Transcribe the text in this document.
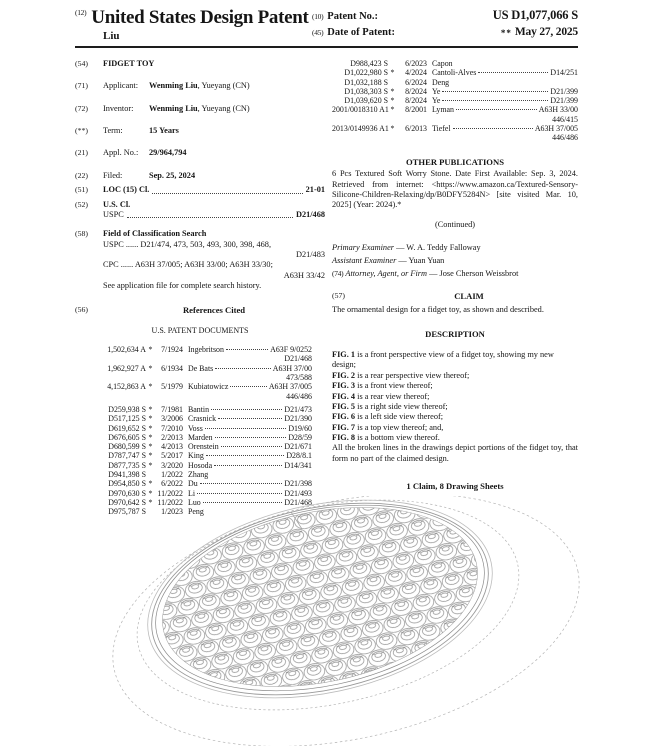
(12) United States Design Patent
Liu
(10) Patent No.:	US D1,077,066 S
(45) Date of Patent:	** May 27, 2025
(54)	FIDGET TOY
(71)	Applicant:	Wenming Liu, Yueyang (CN)
(72)	Inventor:	Wenming Liu, Yueyang (CN)
(**)	Term:	15 Years
(21)	Appl. No.:	29/964,794
(22)	Filed:	Sep. 25, 2024
(51)	LOC (15) Cl.	21-01
(52)	U.S. Cl.
USPC	D21/468
(58)	Field of Classification Search
USPC ...... D21/474, 473, 503, 493, 300, 398, 468,
D21/483
CPC ...... A63H 37/005; A63H 33/00; A63H 33/30;
A63H 33/42
See application file for complete search history.
(56)	References Cited
U.S. PATENT DOCUMENTS
1,502,634 A *	7/1924 Ingebritson	A63F 9/0252
D21/468
1,962,927 A *	6/1934 De Bats	A63H 37/00
473/588
4,152,863 A *	5/1979 Kubiatowicz	A63H 37/005
446/486
D259,938 S *	7/1981 Bantin	D21/473
D517,125 S *	3/2006 Crasnick	D21/390
D619,652 S *	7/2010 Voss	D19/60
D676,605 S *	2/2013 Marden	D28/59
D680,599 S *	4/2013 Orenstein	D21/671
D787,747 S *	5/2017 King	D28/8.1
D877,735 S *	3/2020 Hosoda	D14/341
D941,398 S	1/2022 Zhang
D954,850 S *	6/2022 Du	D21/398
D970,630 S * 11/2022 Li	D21/493
D970,642 S * 11/2022 Luo	D21/468
D975,787 S	1/2023 Peng
D988,423 S	6/2023 Capon
D1,022,980 S *	4/2024 Cantoli-Alves	D14/251
D1,032,188 S	6/2024 Deng
D1,038,303 S *	8/2024 Ye	D21/399
D1,039,620 S *	8/2024 Ye	D21/399
2001/0018310 A1 *	8/2001 Lyman	A63H 33/00
446/415
2013/0149936 A1 *	6/2013 Tiefel	A63H 37/005
446/486
OTHER PUBLICATIONS
6 Pcs Textured Soft Worry Stone. Date First Available: Sep. 3, 2024. Retrieved from internet: <https://www.amazon.ca/Textured-Sensory-Silicone-Children-Relaxing/dp/B0DFY5284N> [site visited Mar. 10, 2025] (Year: 2024).*
(Continued)
Primary Examiner — W. A. Teddy Falloway
Assistant Examiner — Yuan Yuan
(74) Attorney, Agent, or Firm — Jose Cherson Weissbrot
(57)	CLAIM
The ornamental design for a fidget toy, as shown and described.
DESCRIPTION
FIG. 1 is a front perspective view of a fidget toy, showing my new design;
FIG. 2 is a rear perspective view thereof;
FIG. 3 is a front view thereof;
FIG. 4 is a rear view thereof;
FIG. 5 is a right side view thereof;
FIG. 6 is a left side view thereof;
FIG. 7 is a top view thereof; and,
FIG. 8 is a bottom view thereof.
All the broken lines in the drawings depict portions of the fidget toy, that form no part of the claimed design.
1 Claim, 8 Drawing Sheets
